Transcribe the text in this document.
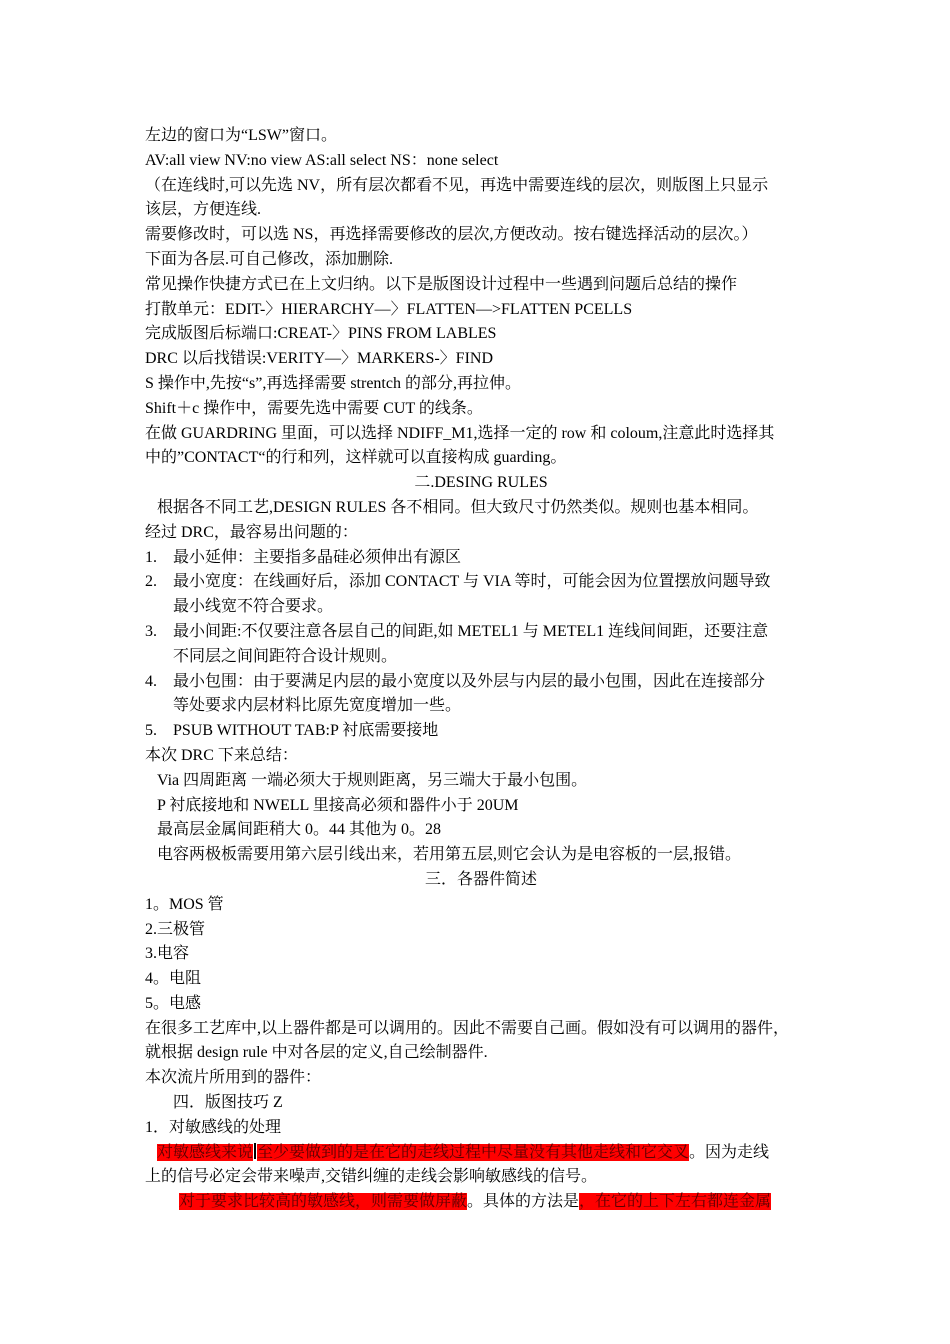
左边的窗口为“LSW”窗口。
AV:all view NV:no view AS:all select NS：none select
（在连线时,可以先选 NV，所有层次都看不见，再选中需要连线的层次，则版图上只显示
该层，方便连线.
需要修改时，可以选 NS，再选择需要修改的层次,方便改动。按右键选择活动的层次。）
下面为各层.可自己修改，添加删除.
常见操作快捷方式已在上文归纳。以下是版图设计过程中一些遇到问题后总结的操作
打散单元：EDIT-〉HIERARCHY—〉FLATTEN—>FLATTEN PCELLS
完成版图后标端口:CREAT-〉PINS FROM LABLES
DRC 以后找错误:VERITY—〉MARKERS-〉FIND
S 操作中,先按“s”,再选择需要 strentch 的部分,再拉伸。
Shift＋c 操作中，需要先选中需要 CUT 的线条。
在做 GUARDRING 里面，可以选择 NDIFF_M1,选择一定的 row 和 coloum,注意此时选择其
中的”CONTACT“的行和列，这样就可以直接构成 guarding。
二.DESING RULES
根据各不同工艺,DESIGN RULES 各不相同。但大致尺寸仍然类似。规则也基本相同。
经过 DRC，最容易出问题的：
1. 最小延伸：主要指多晶硅必须伸出有源区
2. 最小宽度：在线画好后，添加 CONTACT 与 VIA 等时，可能会因为位置摆放问题导致
最小线宽不符合要求。
3. 最小间距:不仅要注意各层自己的间距,如 METEL1 与 METEL1 连线间间距，还要注意
不同层之间间距符合设计规则。
4. 最小包围：由于要满足内层的最小宽度以及外层与内层的最小包围，因此在连接部分
等处要求内层材料比原先宽度增加一些。
5. PSUB WITHOUT TAB:P 衬底需要接地
本次 DRC 下来总结：
Via 四周距离 一端必须大于规则距离，另三端大于最小包围。
P 衬底接地和 NWELL 里接高必须和器件小于 20UM
最高层金属间距稍大 0。44 其他为 0。28
电容两极板需要用第六层引线出来，若用第五层,则它会认为是电容板的一层,报错。
三．各器件简述
1。MOS 管
2.三极管
3.电容
4。电阻
5。电感
在很多工艺库中,以上器件都是可以调用的。因此不需要自己画。假如没有可以调用的器件，
就根据 design rule 中对各层的定义,自己绘制器件.
本次流片所用到的器件：
四．版图技巧 Z
1．对敏感线的处理
对敏感线来说 至少要做到的是在它的走线过程中尽量没有其他走线和它交叉。因为走线
上的信号必定会带来噪声,交错纠缠的走线会影响敏感线的信号。
对于要求比较高的敏感线，则需要做屏蔽。具体的方法是，在它的上下左右都连金属
